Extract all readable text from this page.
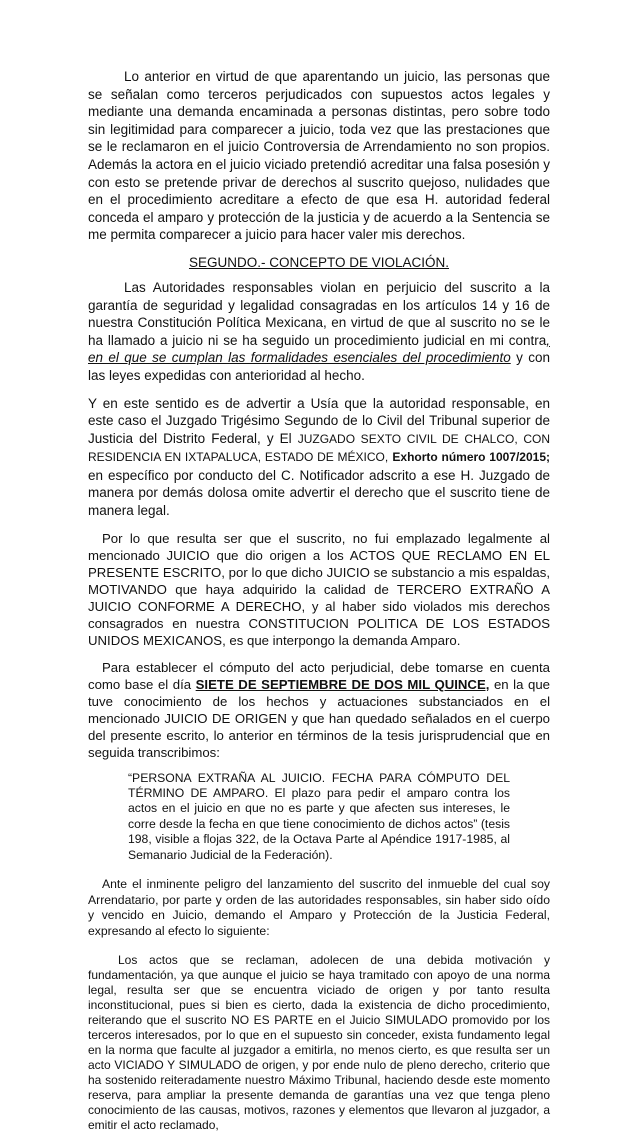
Lo anterior en virtud de que aparentando un juicio, las personas que se señalan como terceros perjudicados con supuestos actos legales y mediante una demanda encaminada a personas distintas, pero sobre todo sin legitimidad para comparecer a juicio, toda vez que las prestaciones que se le reclamaron en el juicio Controversia de Arrendamiento no son propios. Además la actora en el juicio viciado pretendió acreditar una falsa posesión y con esto se pretende privar de derechos al suscrito quejoso, nulidades que en el procedimiento acreditare a efecto de que esa H. autoridad federal conceda el amparo y protección de la justicia y de acuerdo a la Sentencia se me permita comparecer a juicio para hacer valer mis derechos.

SEGUNDO.- CONCEPTO DE VIOLACIÓN.

Las Autoridades responsables violan en perjuicio del suscrito a la garantía de seguridad y legalidad consagradas en los artículos 14 y 16 de nuestra Constitución Política Mexicana, en virtud de que al suscrito no se le ha llamado a juicio ni se ha seguido un procedimiento judicial en mi contra, en el que se cumplan las formalidades esenciales del procedimiento y con las leyes expedidas con anterioridad al hecho.

Y en este sentido es de advertir a Usía que la autoridad responsable, en este caso el Juzgado Trigésimo Segundo de lo Civil del Tribunal superior de Justicia del Distrito Federal, y El JUZGADO SEXTO CIVIL DE CHALCO, CON RESIDENCIA EN IXTAPALUCA, ESTADO DE MÉXICO, Exhorto número 1007/2015; en específico por conducto del C. Notificador adscrito a ese H. Juzgado de manera por demás dolosa omite advertir el derecho que el suscrito tiene de manera legal.

Por lo que resulta ser que el suscrito, no fui emplazado legalmente al mencionado JUICIO que dio origen a los ACTOS QUE RECLAMO EN EL PRESENTE ESCRITO, por lo que dicho JUICIO se substancio a mis espaldas, MOTIVANDO que haya adquirido la calidad de TERCERO EXTRAÑO A JUICIO CONFORME A DERECHO, y al haber sido violados mis derechos consagrados en nuestra CONSTITUCION POLITICA DE LOS ESTADOS UNIDOS MEXICANOS, es que interpongo la demanda Amparo.

Para establecer el cómputo del acto perjudicial, debe tomarse en cuenta como base el día SIETE DE SEPTIEMBRE DE DOS MIL QUINCE, en la que tuve conocimiento de los hechos y actuaciones substanciados en el mencionado JUICIO DE ORIGEN y que han quedado señalados en el cuerpo del presente escrito, lo anterior en términos de la tesis jurisprudencial que en seguida transcribimos:

“PERSONA EXTRAÑA AL JUICIO. FECHA PARA CÓMPUTO DEL TÉRMINO DE AMPARO. El plazo para pedir el amparo contra los actos en el juicio en que no es parte y que afecten sus intereses, le corre desde la fecha en que tiene conocimiento de dichos actos” (tesis 198, visible a flojas 322, de la Octava Parte al Apéndice 1917-1985, al Semanario Judicial de la Federación).

Ante el inminente peligro del lanzamiento del suscrito del inmueble del cual soy Arrendatario, por parte y orden de las autoridades responsables, sin haber sido oído y vencido en Juicio, demando el Amparo y Protección de la Justicia Federal, expresando al efecto lo siguiente:

Los actos que se reclaman, adolecen de una debida motivación y fundamentación, ya que aunque el juicio se haya tramitado con apoyo de una norma legal, resulta ser que se encuentra viciado de origen y por tanto resulta inconstitucional, pues si bien es cierto, dada la existencia de dicho procedimiento, reiterando que el suscrito NO ES PARTE en el Juicio SIMULADO promovido por los terceros interesados, por lo que en el supuesto sin conceder, exista fundamento legal en la norma que faculte al juzgador a emitirla, no menos cierto, es que resulta ser un acto VICIADO Y SIMULADO de origen, y por ende nulo de pleno derecho, criterio que ha sostenido reiteradamente nuestro Máximo Tribunal, haciendo desde este momento reserva, para ampliar la presente demanda de garantías una vez que tenga pleno conocimiento de las causas, motivos, razones y elementos que llevaron al juzgador, a emitir el acto reclamado,
